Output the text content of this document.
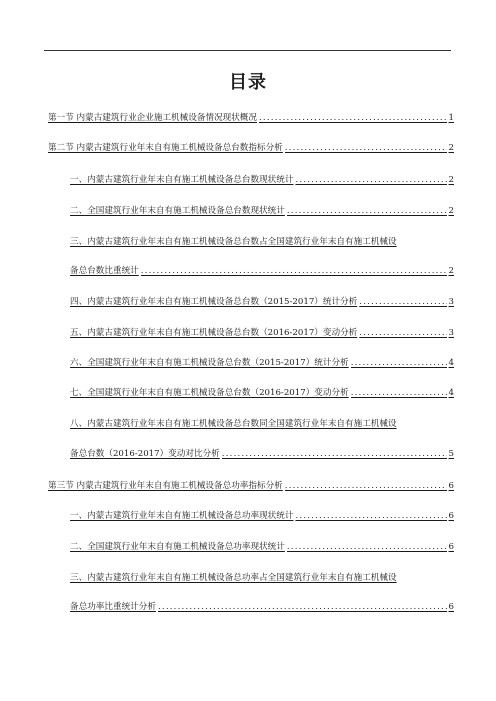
目录
第一节 内蒙古建筑行业企业施工机械设备情况现状概况 .....	1
第二节 内蒙古建筑行业年末自有施工机械设备总台数指标分析 .....	2
一、内蒙古建筑行业年末自有施工机械设备总台数现状统计 .....	2
二、全国建筑行业年末自有施工机械设备总台数现状统计 .....	2
三、内蒙古建筑行业年末自有施工机械设备总台数占全国建筑行业年末自有施工机械设
备总台数比重统计 .....	2
四、内蒙古建筑行业年末自有施工机械设备总台数（2015-2017）统计分析 .....	3
五、内蒙古建筑行业年末自有施工机械设备总台数（2016-2017）变动分析 .....	3
六、全国建筑行业年末自有施工机械设备总台数（2015-2017）统计分析 .....	4
七、全国建筑行业年末自有施工机械设备总台数（2016-2017）变动分析 .....	4
八、内蒙古建筑行业年末自有施工机械设备总台数同全国建筑行业年末自有施工机械设
备总台数（2016-2017）变动对比分析 .....	5
第三节 内蒙古建筑行业年末自有施工机械设备总功率指标分析 .....	6
一、内蒙古建筑行业年末自有施工机械设备总功率现状统计 .....	6
二、全国建筑行业年末自有施工机械设备总功率现状统计 .....	6
三、内蒙古建筑行业年末自有施工机械设备总功率占全国建筑行业年末自有施工机械设
备总功率比重统计分析 .....	6
